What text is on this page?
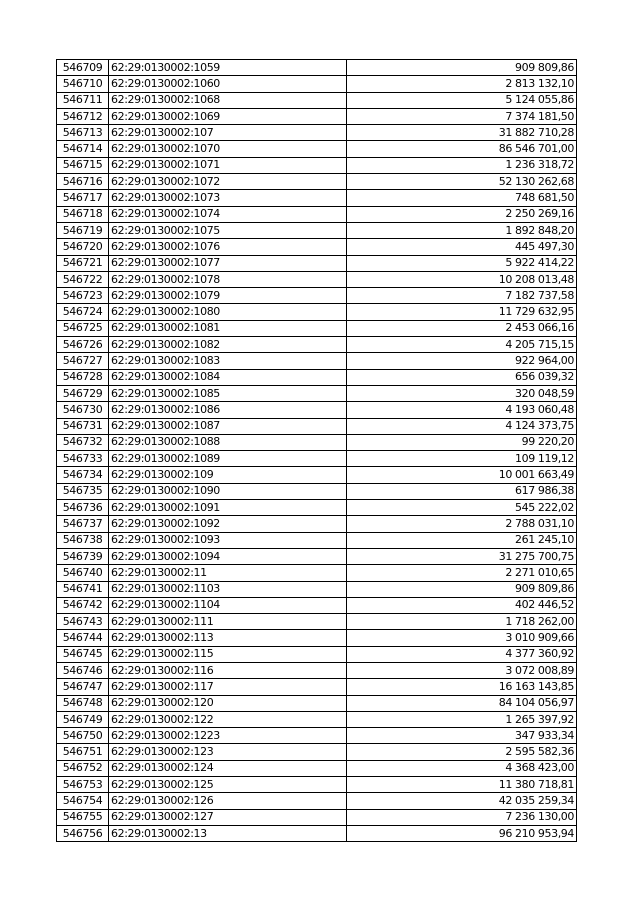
546709	62:29:0130002:1059	909 809,86
546710	62:29:0130002:1060	2 813 132,10
546711	62:29:0130002:1068	5 124 055,86
546712	62:29:0130002:1069	7 374 181,50
546713	62:29:0130002:107	31 882 710,28
546714	62:29:0130002:1070	86 546 701,00
546715	62:29:0130002:1071	1 236 318,72
546716	62:29:0130002:1072	52 130 262,68
546717	62:29:0130002:1073	748 681,50
546718	62:29:0130002:1074	2 250 269,16
546719	62:29:0130002:1075	1 892 848,20
546720	62:29:0130002:1076	445 497,30
546721	62:29:0130002:1077	5 922 414,22
546722	62:29:0130002:1078	10 208 013,48
546723	62:29:0130002:1079	7 182 737,58
546724	62:29:0130002:1080	11 729 632,95
546725	62:29:0130002:1081	2 453 066,16
546726	62:29:0130002:1082	4 205 715,15
546727	62:29:0130002:1083	922 964,00
546728	62:29:0130002:1084	656 039,32
546729	62:29:0130002:1085	320 048,59
546730	62:29:0130002:1086	4 193 060,48
546731	62:29:0130002:1087	4 124 373,75
546732	62:29:0130002:1088	99 220,20
546733	62:29:0130002:1089	109 119,12
546734	62:29:0130002:109	10 001 663,49
546735	62:29:0130002:1090	617 986,38
546736	62:29:0130002:1091	545 222,02
546737	62:29:0130002:1092	2 788 031,10
546738	62:29:0130002:1093	261 245,10
546739	62:29:0130002:1094	31 275 700,75
546740	62:29:0130002:11	2 271 010,65
546741	62:29:0130002:1103	909 809,86
546742	62:29:0130002:1104	402 446,52
546743	62:29:0130002:111	1 718 262,00
546744	62:29:0130002:113	3 010 909,66
546745	62:29:0130002:115	4 377 360,92
546746	62:29:0130002:116	3 072 008,89
546747	62:29:0130002:117	16 163 143,85
546748	62:29:0130002:120	84 104 056,97
546749	62:29:0130002:122	1 265 397,92
546750	62:29:0130002:1223	347 933,34
546751	62:29:0130002:123	2 595 582,36
546752	62:29:0130002:124	4 368 423,00
546753	62:29:0130002:125	11 380 718,81
546754	62:29:0130002:126	42 035 259,34
546755	62:29:0130002:127	7 236 130,00
546756	62:29:0130002:13	96 210 953,94
